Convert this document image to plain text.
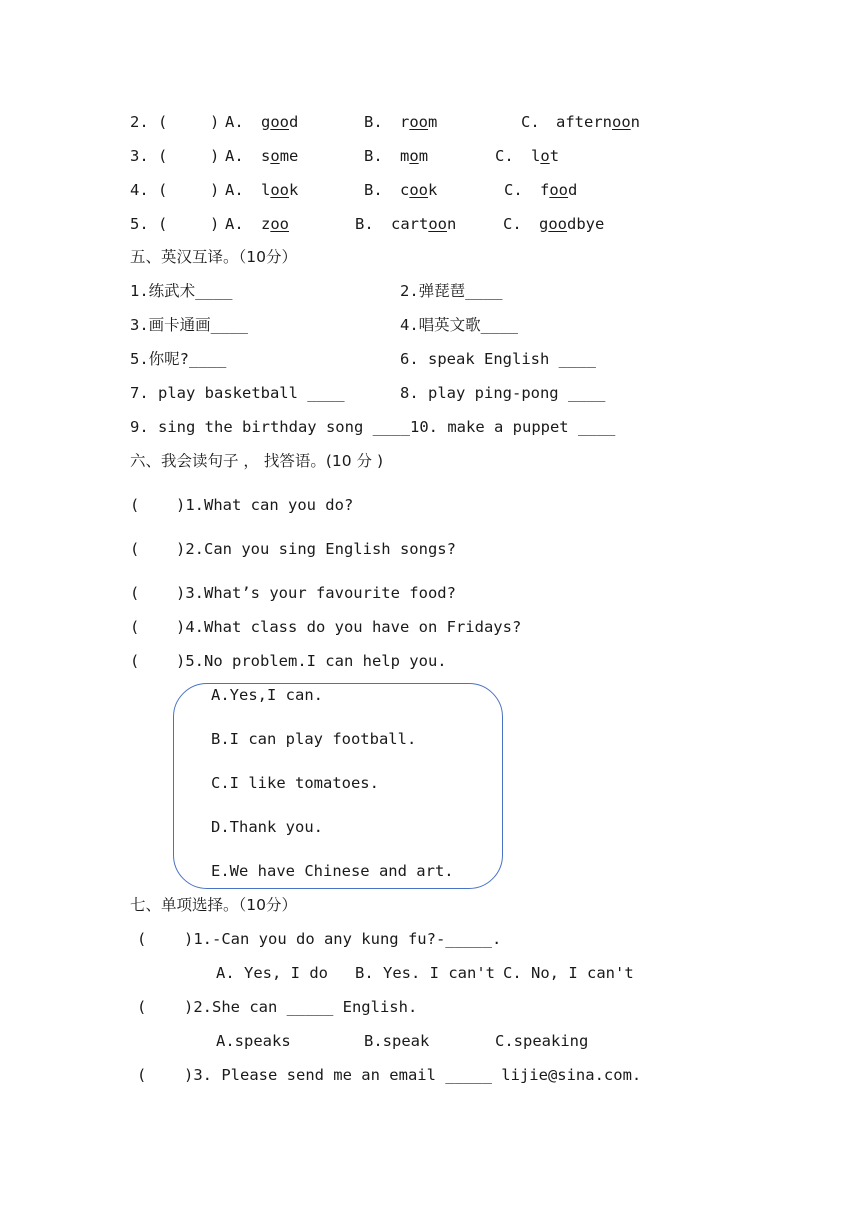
2. (	) A. good	B. room	C. afternoon
3. (	) A. some	B. mom	C. lot
4. (	) A. look	B. cook	C. food
5. (	) A. zoo	B. cartoon	C. goodbye
五、英汉互译。（10分）
1.练武术____	2.弹琵琶____
3.画卡通画____	4.唱英文歌____
5.你呢?____	6. speak English ____
7. play basketball ____	8. play ping-pong ____
9. sing the birthday song ____ 10. make a puppet ____
六、我会读句子 ， 找答语。(10 分 )
( )1.What can you do?
( )2.Can you sing English songs?
( )3.What’s your favourite food?
( )4.What class do you have on Fridays?
( )5.No problem.I can help you.
A.Yes,I can.
B.I can play football.
C.I like tomatoes.
D.Thank you.
E.We have Chinese and art.
七、单项选择。（10分）
( )1.-Can you do any kung fu?-_____.
A. Yes, I do B. Yes. I can't C. No, I can't
( )2.She can _____ English.
A.speaks	B.speak	C.speaking
( )3. Please send me an email _____ lijie@sina.com.
